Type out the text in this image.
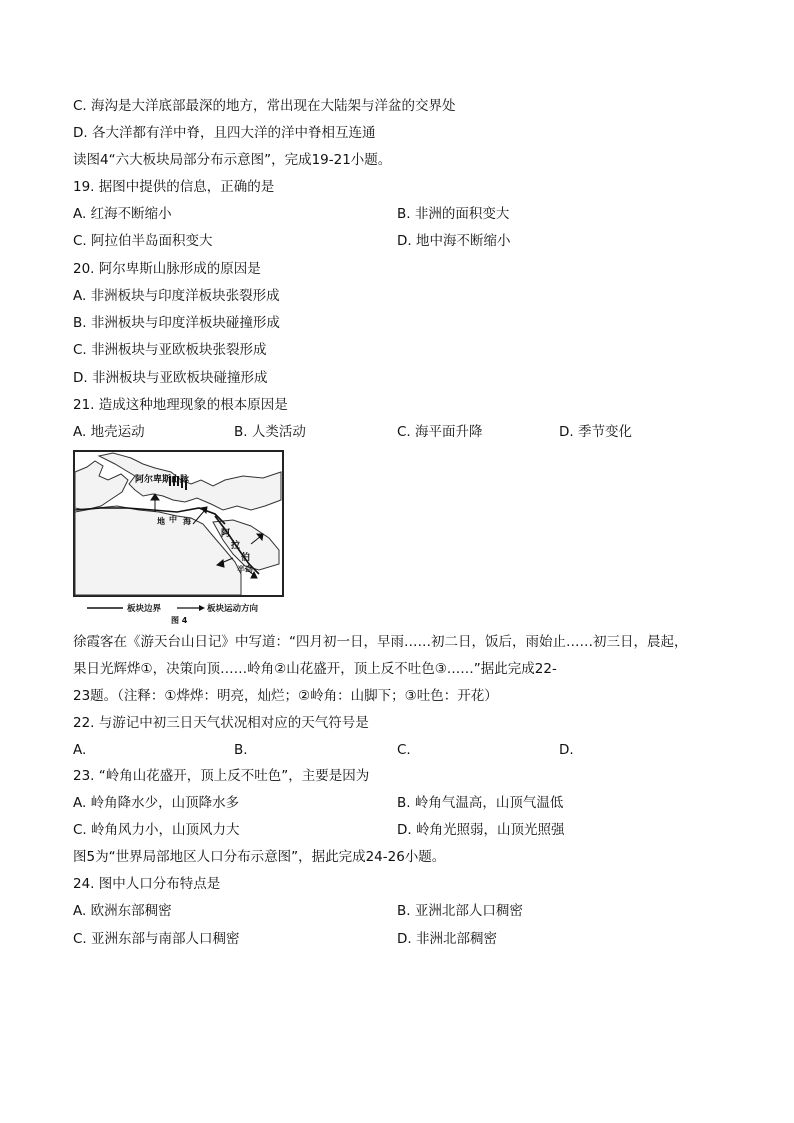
C. 海沟是大洋底部最深的地方，常出现在大陆架与洋盆的交界处
D. 各大洋都有洋中脊，且四大洋的洋中脊相互连通
读图4“六大板块局部分布示意图”，完成19-21小题。
19. 据图中提供的信息，正确的是
A. 红海不断缩小	B. 非洲的面积变大
C. 阿拉伯半岛面积变大	D. 地中海不断缩小
20. 阿尔卑斯山脉形成的原因是
A. 非洲板块与印度洋板块张裂形成
B. 非洲板块与印度洋板块碰撞形成
C. 非洲板块与亚欧板块张裂形成
D. 非洲板块与亚欧板块碰撞形成
21. 造成这种地理现象的根本原因是
A. 地壳运动	B. 人类活动	C. 海平面升降	D. 季节变化
阿尔卑斯山脉
地 中 海
阿
拉
伯
半岛
板块边界	板块运动方向
图 4
徐霞客在《游天台山日记》中写道：“四月初一日，早雨……初二日，饭后，雨始止……初三日，晨起，
果日光辉烨①，决策向顶……岭角②山花盛开，顶上反不吐色③……”据此完成22-
23题。（注释：①烨烨：明亮，灿烂；②岭角：山脚下；③吐色：开花）
22. 与游记中初三日天气状况相对应的天气符号是
A.	B.	C.	D.
23. “岭角山花盛开，顶上反不吐色”，主要是因为
A. 岭角降水少，山顶降水多	B. 岭角气温高，山顶气温低
C. 岭角风力小，山顶风力大	D. 岭角光照弱，山顶光照强
图5为“世界局部地区人口分布示意图”，据此完成24-26小题。
24. 图中人口分布特点是
A. 欧洲东部稠密	B. 亚洲北部人口稠密
C. 亚洲东部与南部人口稠密	D. 非洲北部稠密
